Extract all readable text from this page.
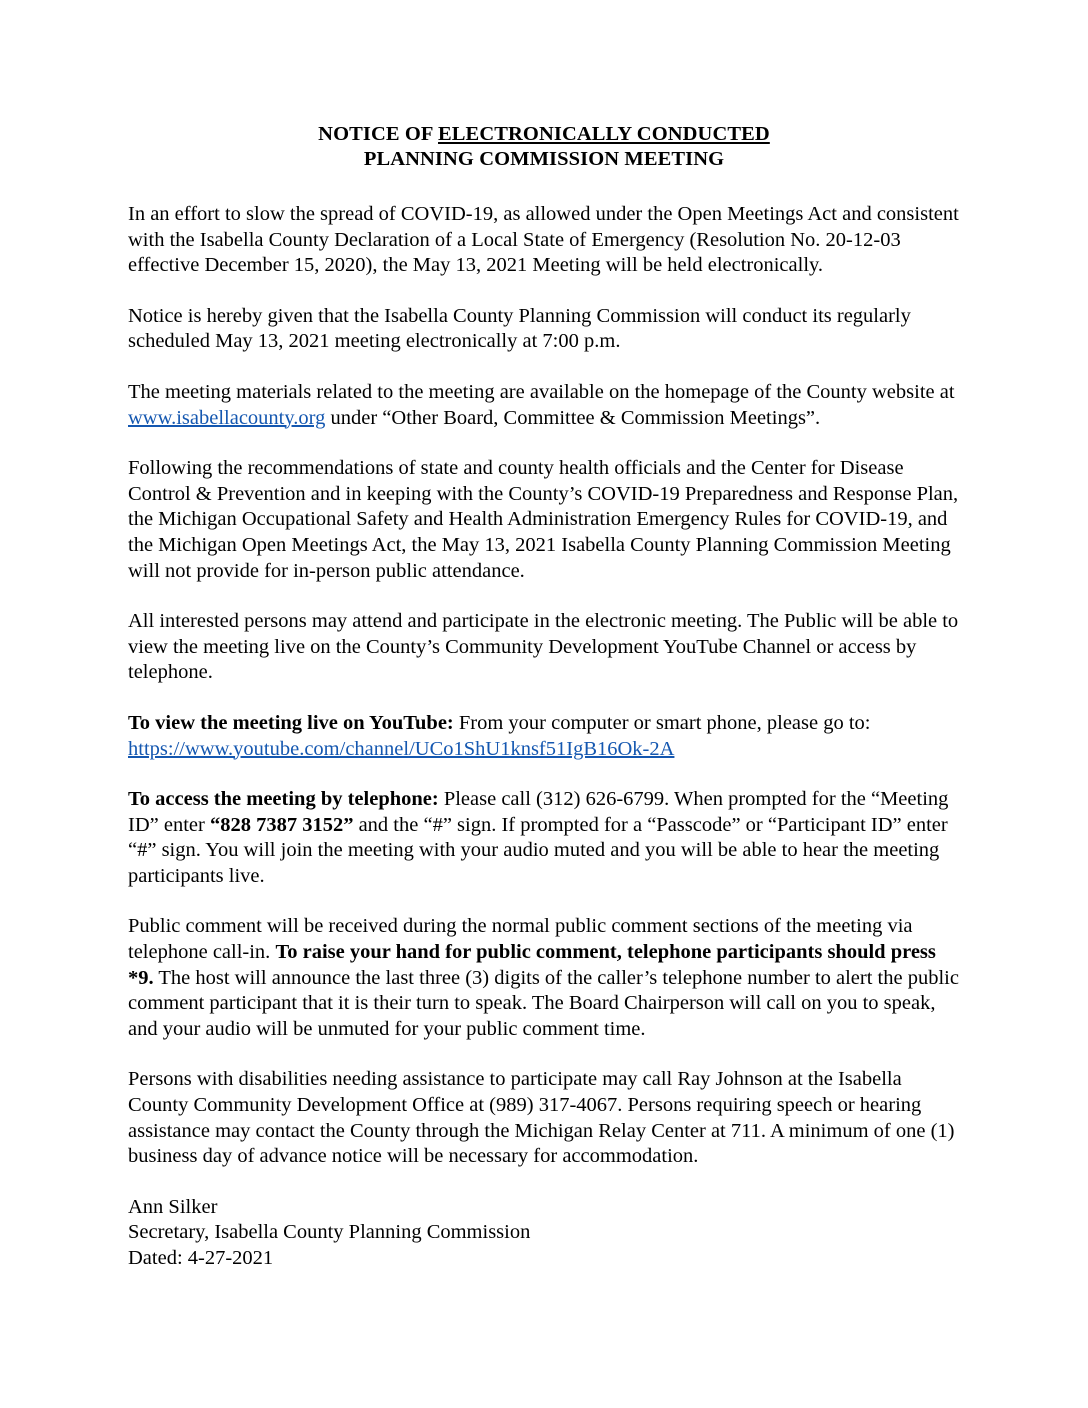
NOTICE OF ELECTRONICALLY CONDUCTED
PLANNING COMMISSION MEETING

In an effort to slow the spread of COVID-19, as allowed under the Open Meetings Act and consistent with the Isabella County Declaration of a Local State of Emergency (Resolution No. 20-12-03 effective December 15, 2020), the May 13, 2021 Meeting will be held electronically.

Notice is hereby given that the Isabella County Planning Commission will conduct its regularly scheduled May 13, 2021 meeting electronically at 7:00 p.m.

The meeting materials related to the meeting are available on the homepage of the County website at www.isabellacounty.org under “Other Board, Committee & Commission Meetings”.

Following the recommendations of state and county health officials and the Center for Disease Control & Prevention and in keeping with the County’s COVID-19 Preparedness and Response Plan, the Michigan Occupational Safety and Health Administration Emergency Rules for COVID-19, and the Michigan Open Meetings Act, the May 13, 2021 Isabella County Planning Commission Meeting will not provide for in-person public attendance.

All interested persons may attend and participate in the electronic meeting. The Public will be able to view the meeting live on the County’s Community Development YouTube Channel or access by telephone.

To view the meeting live on YouTube: From your computer or smart phone, please go to:
https://www.youtube.com/channel/UCo1ShU1knsf51IgB16Ok-2A

To access the meeting by telephone: Please call (312) 626-6799. When prompted for the “Meeting ID” enter “828 7387 3152” and the “#” sign. If prompted for a “Passcode” or “Participant ID” enter “#” sign. You will join the meeting with your audio muted and you will be able to hear the meeting participants live.

Public comment will be received during the normal public comment sections of the meeting via telephone call-in. To raise your hand for public comment, telephone participants should press *9. The host will announce the last three (3) digits of the caller’s telephone number to alert the public comment participant that it is their turn to speak. The Board Chairperson will call on you to speak, and your audio will be unmuted for your public comment time.

Persons with disabilities needing assistance to participate may call Ray Johnson at the Isabella County Community Development Office at (989) 317-4067. Persons requiring speech or hearing assistance may contact the County through the Michigan Relay Center at 711. A minimum of one (1) business day of advance notice will be necessary for accommodation.

Ann Silker
Secretary, Isabella County Planning Commission
Dated: 4-27-2021
